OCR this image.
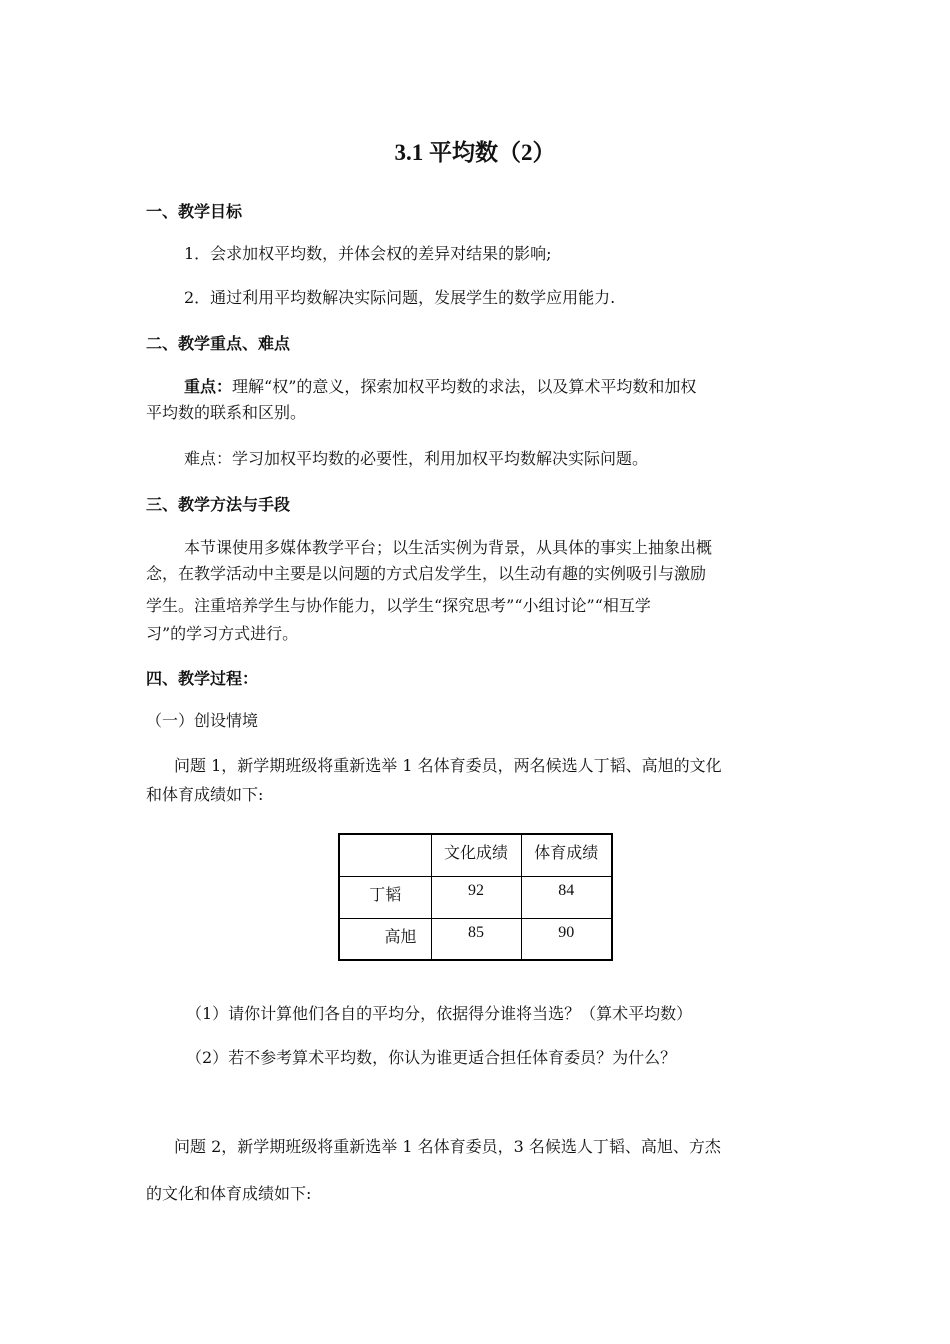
3.1 平均数（2）
一、教学目标
1．会求加权平均数，并体会权的差异对结果的影响;
2．通过利用平均数解决实际问题，发展学生的数学应用能力.
二、教学重点、难点
重点：理解“权”的意义，探索加权平均数的求法，以及算术平均数和加权
平均数的联系和区别。
难点：学习加权平均数的必要性，利用加权平均数解决实际问题。
三、教学方法与手段
本节课使用多媒体教学平台；以生活实例为背景，从具体的事实上抽象出概
念，在教学活动中主要是以问题的方式启发学生，以生动有趣的实例吸引与激励
学生。注重培养学生与协作能力，以学生“探究思考”“小组讨论”“相互学
习”的学习方式进行。
四、教学过程：
（一）创设情境
问题 1，新学期班级将重新选举 1 名体育委员，两名候选人丁韬、高旭的文化
和体育成绩如下:
	文化成绩	体育成绩
丁韬	92	84
高旭	85	90
（1）请你计算他们各自的平均分，依据得分谁将当选？（算术平均数）
（2）若不参考算术平均数，你认为谁更适合担任体育委员？为什么？
问题 2，新学期班级将重新选举 1 名体育委员，3 名候选人丁韬、高旭、方杰
的文化和体育成绩如下:
